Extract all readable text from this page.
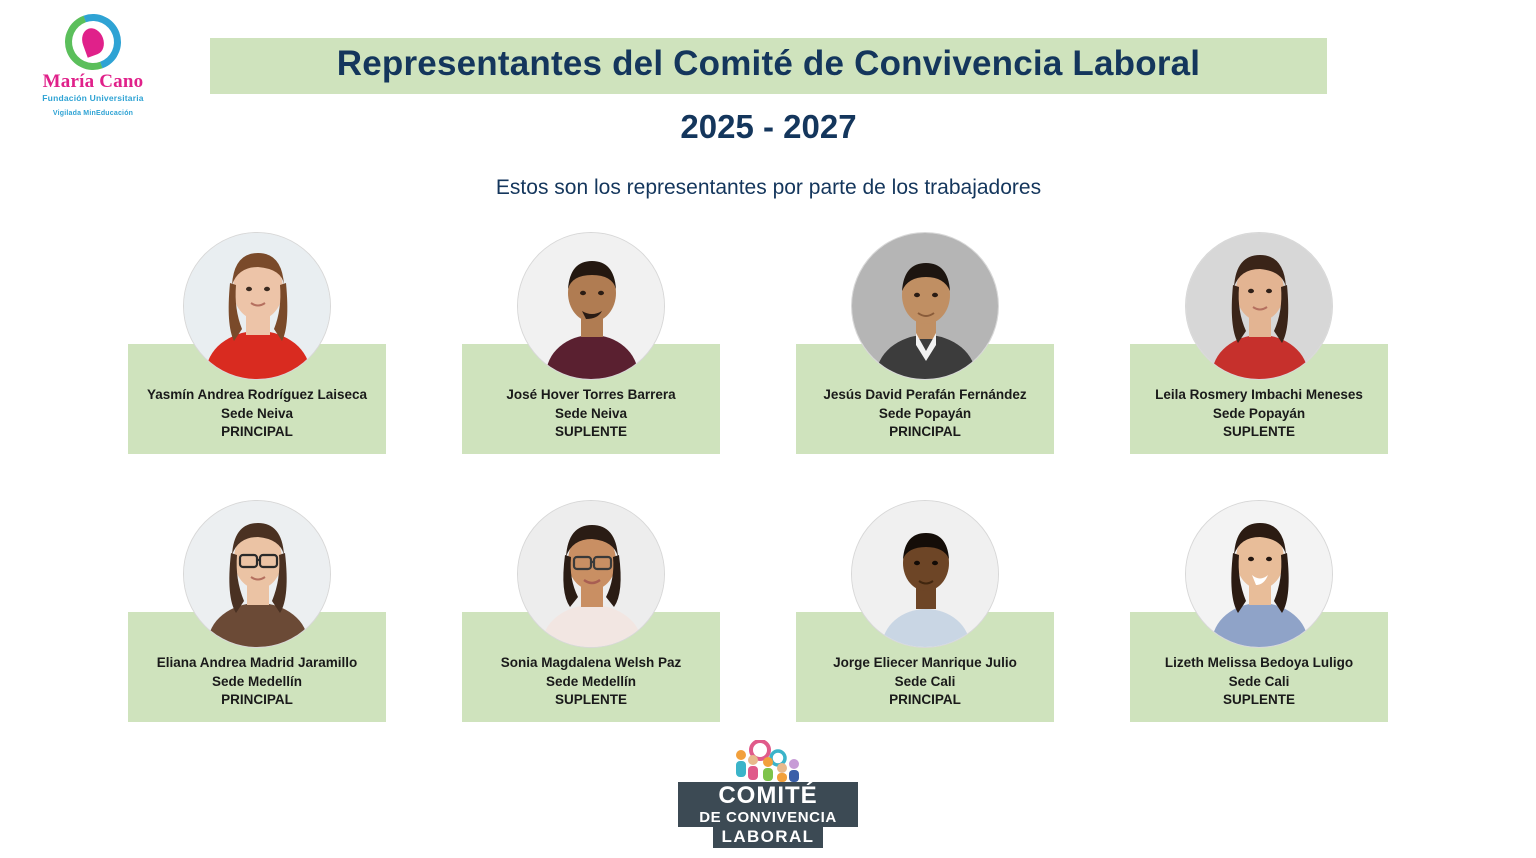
María Cano
Fundación Universitaria
Vigilada MinEducación
Representantes del Comité de Convivencia Laboral
2025 - 2027
Estos son los representantes por parte de los trabajadores
Yasmín Andrea Rodríguez Laiseca
Sede Neiva
PRINCIPAL
José Hover Torres Barrera
Sede Neiva
SUPLENTE
Jesús David Perafán Fernández
Sede Popayán
PRINCIPAL
Leila Rosmery Imbachi Meneses
Sede Popayán
SUPLENTE
Eliana Andrea Madrid Jaramillo
Sede Medellín
PRINCIPAL
Sonia Magdalena Welsh Paz
Sede Medellín
SUPLENTE
Jorge Eliecer Manrique Julio
Sede Cali
PRINCIPAL
Lizeth Melissa Bedoya Luligo
Sede Cali
SUPLENTE
COMITÉ
DE CONVIVENCIA
LABORAL
